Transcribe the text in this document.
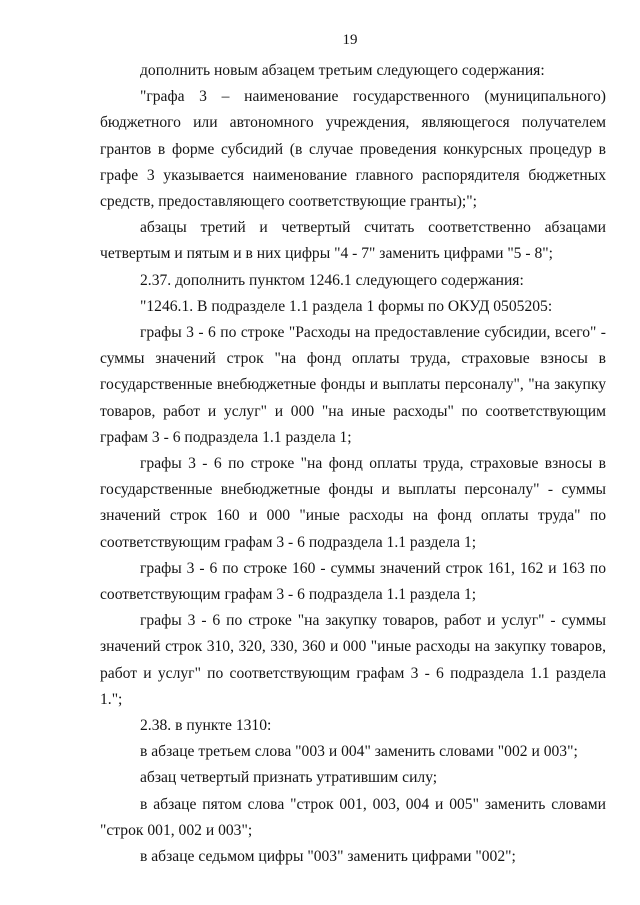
19

дополнить новым абзацем третьим следующего содержания:

"графа 3 – наименование государственного (муниципального) бюджетного или автономного учреждения, являющегося получателем грантов в форме субсидий (в случае проведения конкурсных процедур в графе 3 указывается наименование главного распорядителя бюджетных средств, предоставляющего соответствующие гранты);";

абзацы третий и четвертый считать соответственно абзацами четвертым и пятым и в них цифры "4 - 7" заменить цифрами "5 - 8";

2.37. дополнить пунктом 1246.1 следующего содержания:

"1246.1. В подразделе 1.1 раздела 1 формы по ОКУД 0505205:

графы 3 - 6 по строке "Расходы на предоставление субсидии, всего" - суммы значений строк "на фонд оплаты труда, страховые взносы в государственные внебюджетные фонды и выплаты персоналу", "на закупку товаров, работ и услуг" и 000 "на иные расходы" по соответствующим графам 3 - 6 подраздела 1.1 раздела 1;

графы 3 - 6 по строке "на фонд оплаты труда, страховые взносы в государственные внебюджетные фонды и выплаты персоналу" - суммы значений строк 160 и 000 "иные расходы на фонд оплаты труда" по соответствующим графам 3 - 6 подраздела 1.1 раздела 1;

графы 3 - 6 по строке 160 - суммы значений строк 161, 162 и 163 по соответствующим графам 3 - 6 подраздела 1.1 раздела 1;

графы 3 - 6 по строке "на закупку товаров, работ и услуг" - суммы значений строк 310, 320, 330, 360 и 000 "иные расходы на закупку товаров, работ и услуг" по соответствующим графам 3 - 6 подраздела 1.1 раздела 1.";

2.38. в пункте 1310:

в абзаце третьем слова "003 и 004" заменить словами "002 и 003";

абзац четвертый признать утратившим силу;

в абзаце пятом слова "строк 001, 003, 004 и 005" заменить словами "строк 001, 002 и 003";

в абзаце седьмом цифры "003" заменить цифрами "002";
